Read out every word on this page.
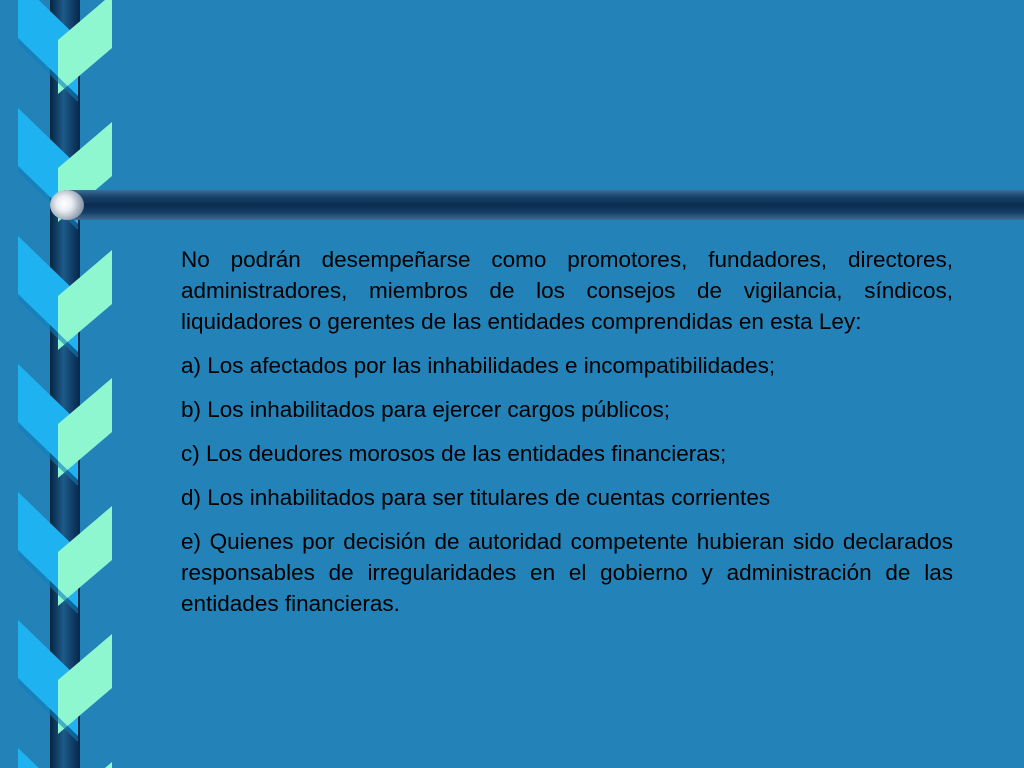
No podrán desempeñarse como promotores, fundadores, directores, administradores, miembros de los consejos de vigilancia, síndicos, liquidadores o gerentes de las entidades comprendidas en esta Ley:

a) Los afectados por las inhabilidades e incompatibilidades;

b) Los inhabilitados para ejercer cargos públicos;

c) Los deudores morosos de las entidades financieras;

d) Los inhabilitados para ser titulares de cuentas corrientes

e) Quienes por decisión de autoridad competente hubieran sido declarados responsables de irregularidades en el gobierno y administración de las entidades financieras.
